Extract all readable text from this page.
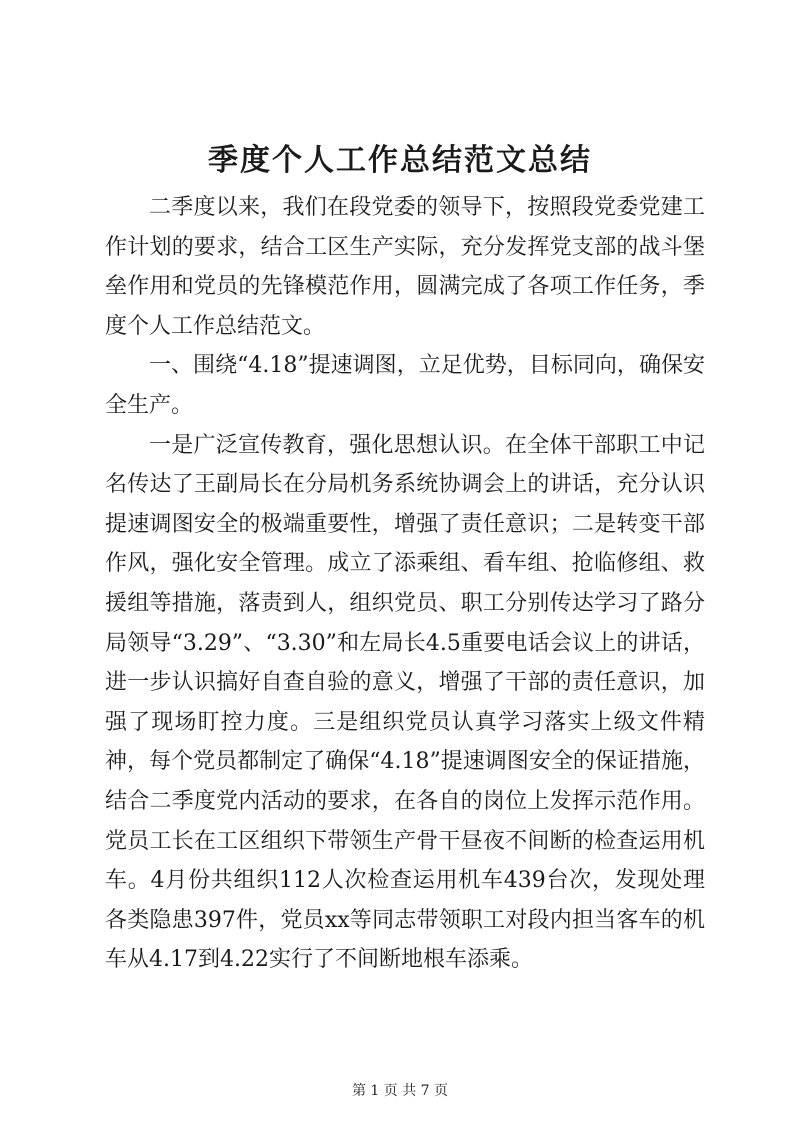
季度个人工作总结范文总结

二季度以来，我们在段党委的领导下，按照段党委党建工作计划的要求，结合工区生产实际，充分发挥党支部的战斗堡垒作用和党员的先锋模范作用，圆满完成了各项工作任务，季度个人工作总结范文。

一、围绕“4.18”提速调图，立足优势，目标同向，确保安全生产。

一是广泛宣传教育，强化思想认识。在全体干部职工中记名传达了王副局长在分局机务系统协调会上的讲话，充分认识提速调图安全的极端重要性，增强了责任意识；二是转变干部作风，强化安全管理。成立了添乘组、看车组、抢临修组、救援组等措施，落责到人，组织党员、职工分别传达学习了路分局领导“3.29”、“3.30”和左局长4.5重要电话会议上的讲话，进一步认识搞好自查自验的意义，增强了干部的责任意识，加强了现场盯控力度。三是组织党员认真学习落实上级文件精神，每个党员都制定了确保“4.18”提速调图安全的保证措施，结合二季度党内活动的要求，在各自的岗位上发挥示范作用。党员工长在工区组织下带领生产骨干昼夜不间断的检查运用机车。4月份共组织112人次检查运用机车439台次，发现处理各类隐患397件，党员xx等同志带领职工对段内担当客车的机车从4.17到4.22实行了不间断地根车添乘。

第 1 页 共 7 页
